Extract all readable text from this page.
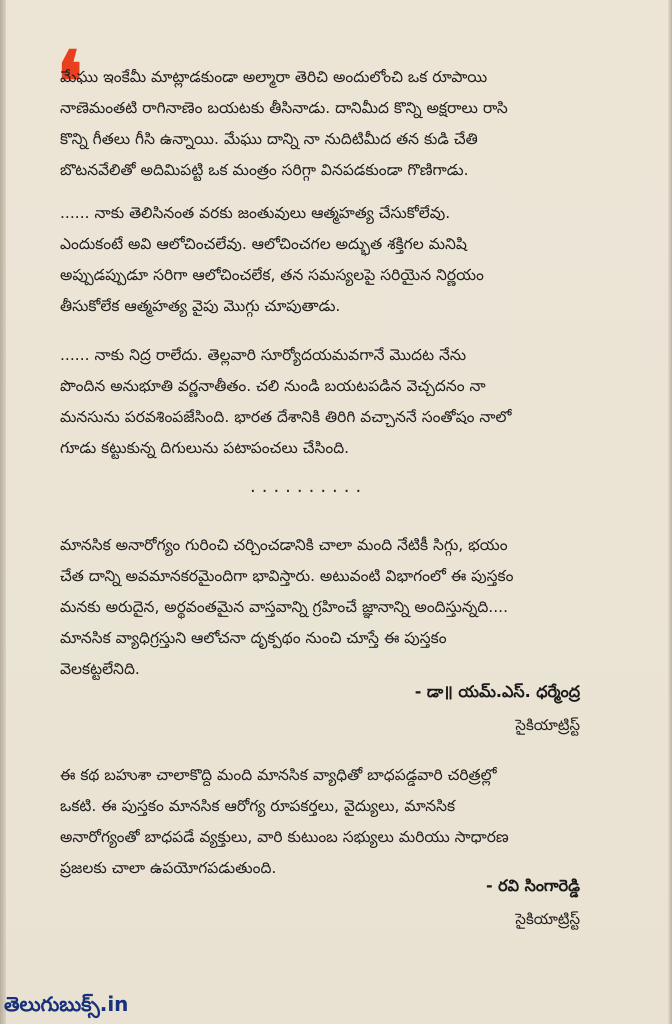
❛

మేఘు ఇంకేమీ మాట్లాడకుండా అల్మారా తెరిచి అందులోంచి ఒక రూపాయి
నాణెమంతటి రాగినాణెం బయటకు తీసినాడు. దానిమీద కొన్ని అక్షరాలు రాసి
కొన్ని గీతలు గీసి ఉన్నాయి. మేఘు దాన్ని నా నుదిటిమీద తన కుడి చేతి
బొటనవేలితో అదిమిపట్టి ఒక మంత్రం సరిగ్గా వినపడకుండా గొణిగాడు.

...... నాకు తెలిసినంత వరకు జంతువులు ఆత్మహత్య చేసుకోలేవు.
ఎందుకంటే అవి ఆలోచించలేవు. ఆలోచించగల అద్భుత శక్తిగల మనిషి
అప్పుడప్పుడూ సరిగా ఆలోచించలేక, తన సమస్యలపై సరియైన నిర్ణయం
తీసుకోలేక ఆత్మహత్య వైపు మొగ్గు చూపుతాడు.

...... నాకు నిద్ర రాలేదు. తెల్లవారి సూర్యోదయమవగానే మొదట నేను
పొందిన అనుభూతి వర్ణనాతీతం. చలి నుండి బయటపడిన వెచ్చదనం నా
మనసును పరవశింపజేసింది. భారత దేశానికి తిరిగి వచ్చాననే సంతోషం నాలో
గూడు కట్టుకున్న దిగులును పటాపంచలు చేసింది.

..........

మానసిక అనారోగ్యం గురించి చర్చించడానికి చాలా మంది నేటికీ సిగ్గు, భయం
చేత దాన్ని అవమానకరమైందిగా భావిస్తారు. అటువంటి విభాగంలో ఈ పుస్తకం
మనకు అరుదైన, అర్థవంతమైన వాస్తవాన్ని గ్రహించే జ్ఞానాన్ని అందిస్తున్నది....
మానసిక వ్యాధిగ్రస్తుని ఆలోచనా దృక్పథం నుంచి చూస్తే ఈ పుస్తకం
వెలకట్టలేనిది.

- డా॥ యమ్.ఎస్. ధర్మేంద్ర
సైకియాట్రిస్ట్

ఈ కథ బహుశా చాలాకొద్ది మంది మానసిక వ్యాధితో బాధపడ్డవారి చరిత్రల్లో
ఒకటి. ఈ పుస్తకం మానసిక ఆరోగ్య రూపకర్తలు, వైద్యులు, మానసిక
అనారోగ్యంతో బాధపడే వ్యక్తులు, వారి కుటుంబ సభ్యులు మరియు సాధారణ
ప్రజలకు చాలా ఉపయోగపడుతుంది.

- రవి సింగారెడ్డి
సైకియాట్రిస్ట్
తెలుగుబుక్స్.in
